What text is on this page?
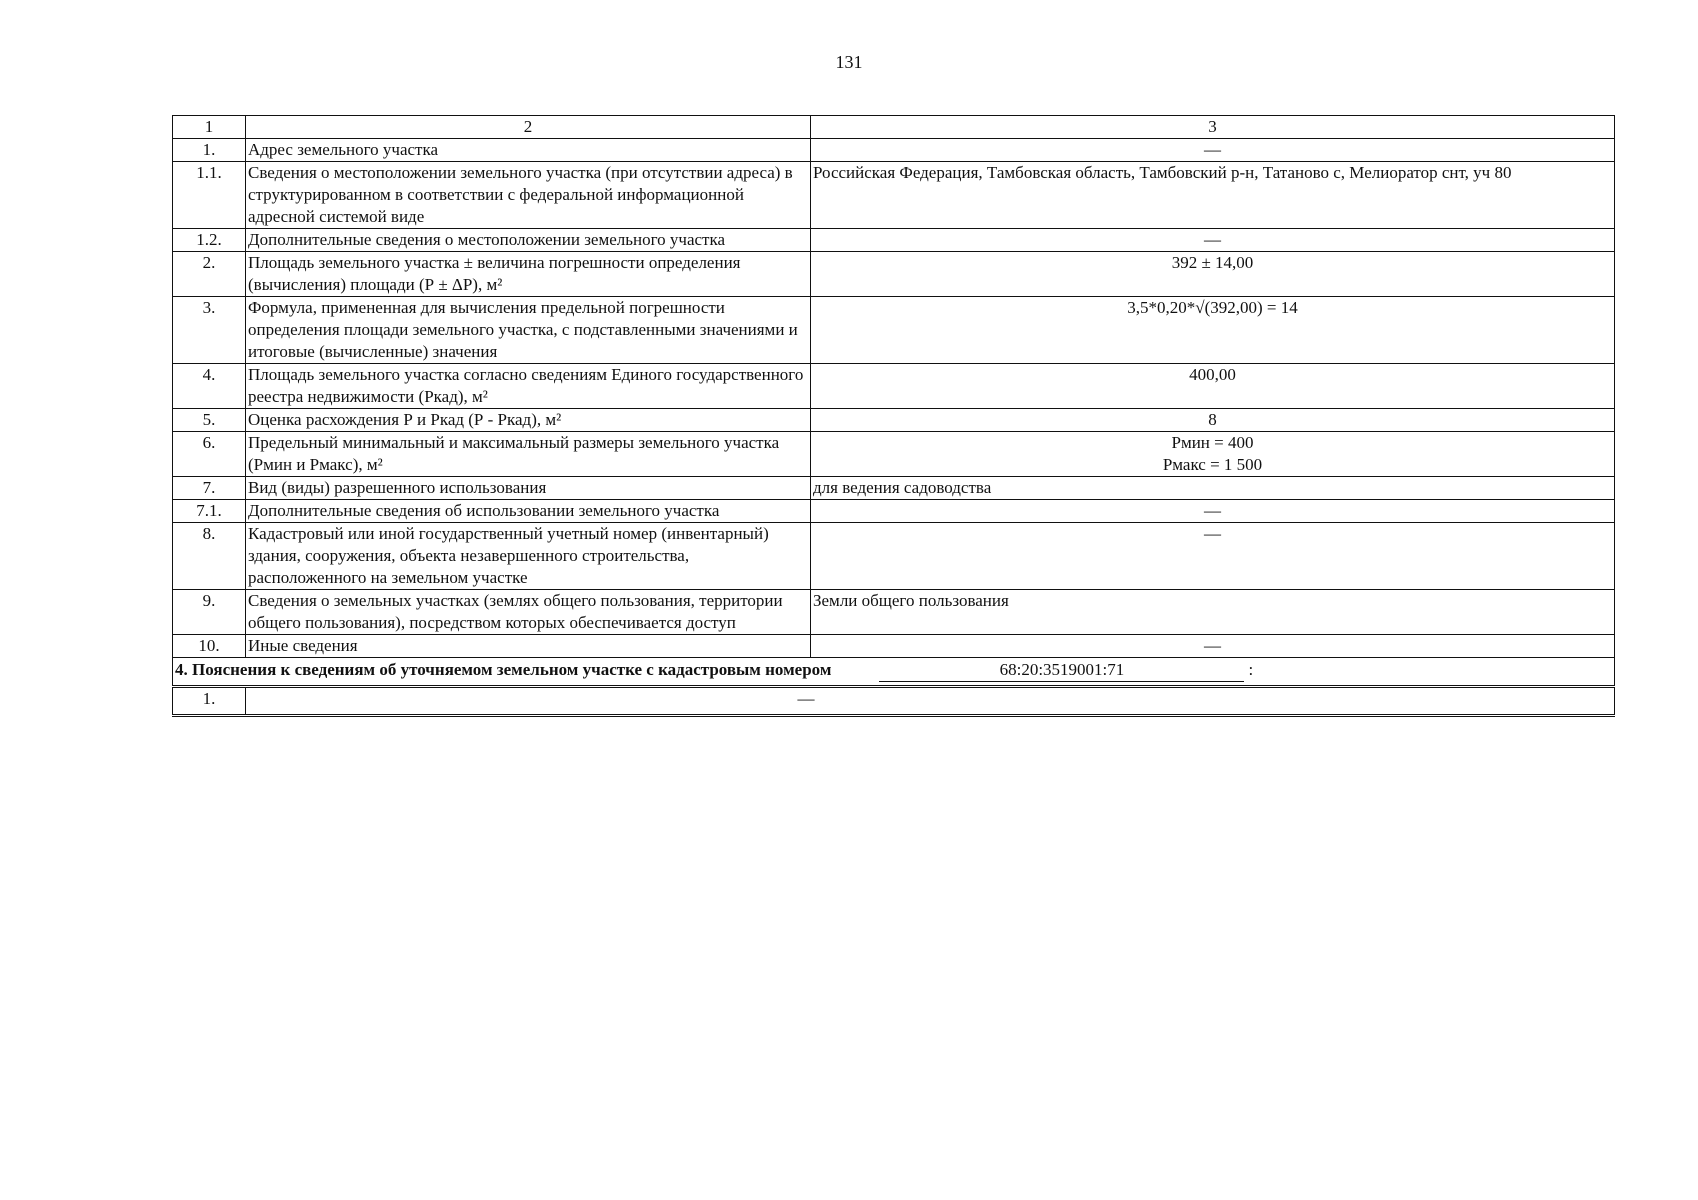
131
1	2	3
1.	Адрес земельного участка	—
1.1.	Сведения о местоположении земельного участка (при отсутствии адреса) в структурированном в соответствии с федеральной информационной адресной системой виде	Российская Федерация, Тамбовская область, Тамбовский р-н, Татаново с, Мелиоратор снт, уч 80
1.2.	Дополнительные сведения о местоположении земельного участка	—
2.	Площадь земельного участка ± величина погрешности определения (вычисления) площади (Р ± ΔР), м²	392 ± 14,00
3.	Формула, примененная для вычисления предельной погрешности определения площади земельного участка, с подставленными значениями и итоговые (вычисленные) значения	3,5*0,20*√(392,00) = 14
4.	Площадь земельного участка согласно сведениям Единого государственного реестра недвижимости (Ркад), м²	400,00
5.	Оценка расхождения Р и Ркад (Р - Ркад), м²	8
6.	Предельный минимальный и максимальный размеры земельного участка (Рмин и Рмакс), м²	Рмин = 400
Рмакс = 1 500

7.	Вид (виды) разрешенного использования	для ведения садоводства
7.1.	Дополнительные сведения об использовании земельного участка	—
8.	Кадастровый или иной государственный учетный номер (инвентарный) здания, сооружения, объекта незавершенного строительства, расположенного на земельном участке	—
9.	Сведения о земельных участках (землях общего пользования, территории общего пользования), посредством которых обеспечивается доступ	Земли общего пользования
10.	Иные сведения	—
4. Пояснения к сведениям об уточняемом земельном участке с кадастровым номером 68:20:3519001:71 :		
1.	—	
